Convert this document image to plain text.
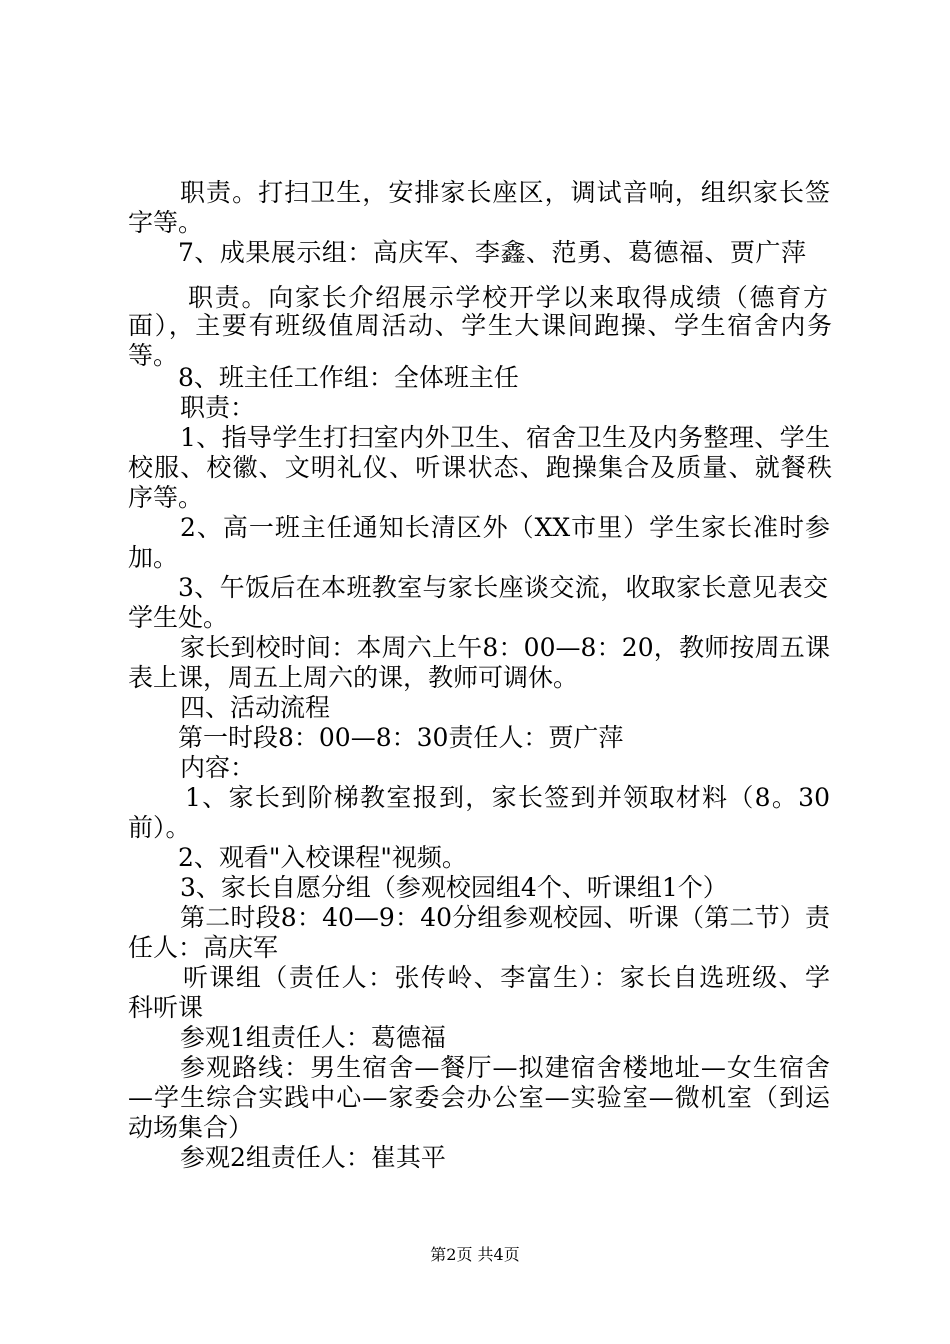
职责。打扫卫生，安排家长座区，调试音响，组织家长签
字等。
7、成果展示组：高庆军、李鑫、范勇、葛德福、贾广萍
职责。向家长介绍展示学校开学以来取得成绩（德育方
面），主要有班级值周活动、学生大课间跑操、学生宿舍内务
等。
8、班主任工作组：全体班主任
职责：
1、指导学生打扫室内外卫生、宿舍卫生及内务整理、学生
校服、校徽、文明礼仪、听课状态、跑操集合及质量、就餐秩
序等。
2、高一班主任通知长清区外（XX市里）学生家长准时参
加。
3、午饭后在本班教室与家长座谈交流，收取家长意见表交
学生处。
家长到校时间：本周六上午8：00—8：20，教师按周五课
表上课，周五上周六的课，教师可调休。
四、活动流程
第一时段8：00—8：30责任人：贾广萍
内容：
1、家长到阶梯教室报到，家长签到并领取材料（8。30
前）。
2、观看"入校课程"视频。
3、家长自愿分组（参观校园组4个、听课组1个）
第二时段8：40—9：40分组参观校园、听课（第二节）责
任人：高庆军
听课组（责任人：张传岭、李富生）：家长自选班级、学
科听课
参观1组责任人：葛德福
参观路线：男生宿舍—餐厅—拟建宿舍楼地址—女生宿舍
—学生综合实践中心—家委会办公室—实验室—微机室（到运
动场集合）
参观2组责任人：崔其平
第2页 共4页
